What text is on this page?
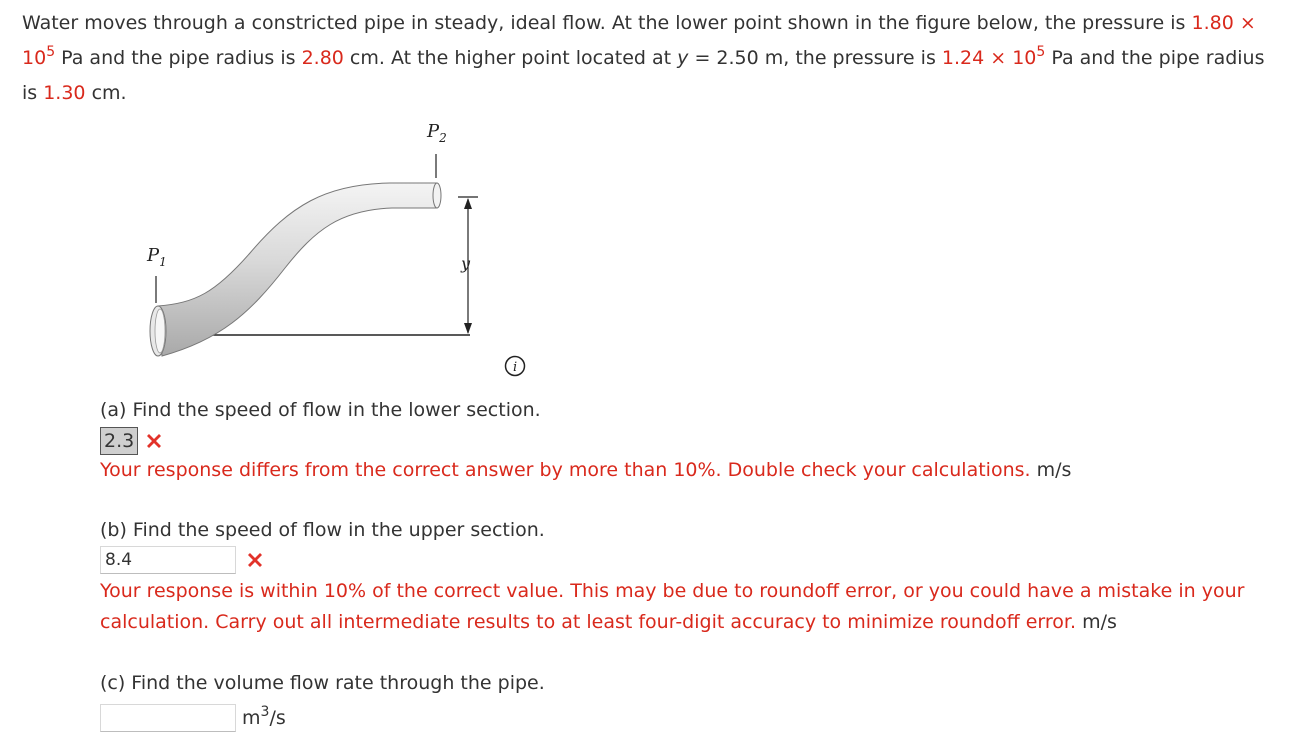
Water moves through a constricted pipe in steady, ideal flow. At the lower point shown in the figure below, the pressure is $1.80 \times 10^5$ Pa and the pipe radius is 2.80 cm. At the higher point located at y = 2.50 m, the pressure is $1.24 \times 10^5$ Pa and the pipe radius is 1.30 cm.
$P_2$
$P_1$	y
i
(a) Find the speed of flow in the lower section.
2.3
Your response differs from the correct answer by more than 10%. Double check your calculations. m/s
(b) Find the speed of flow in the upper section.
8.4
Your response is within 10% of the correct value. This may be due to roundoff error, or you could have a mistake in your calculation. Carry out all intermediate results to at least four-digit accuracy to minimize roundoff error. m/s
(c) Find the volume flow rate through the pipe.
$m^3/s$
